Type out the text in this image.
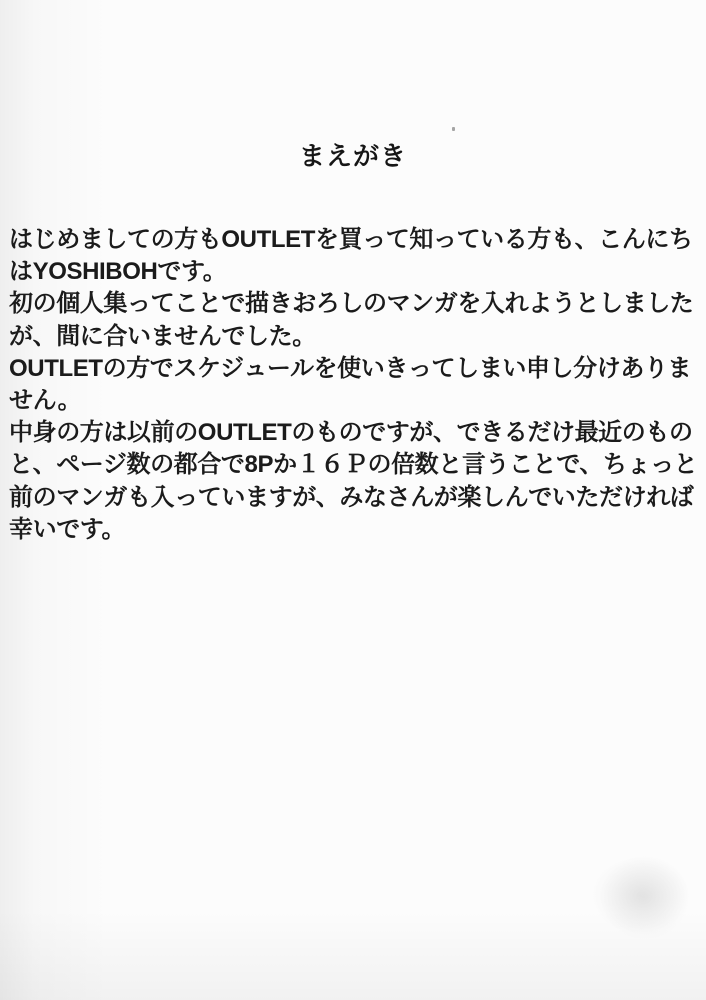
まえがき
はじめましての方もOUTLETを買って知っている方も、こんにち
はYOSHIBOHです。
初の個人集ってことで描きおろしのマンガを入れようとしました
が、間に合いませんでした。
OUTLETの方でスケジュールを使いきってしまい申し分けありま
せん。
中身の方は以前のOUTLETのものですが、できるだけ最近のもの
と、ページ数の都合で8Pか１６Ｐの倍数と言うことで、ちょっと
前のマンガも入っていますが、みなさんが楽しんでいただければ
幸いです。
